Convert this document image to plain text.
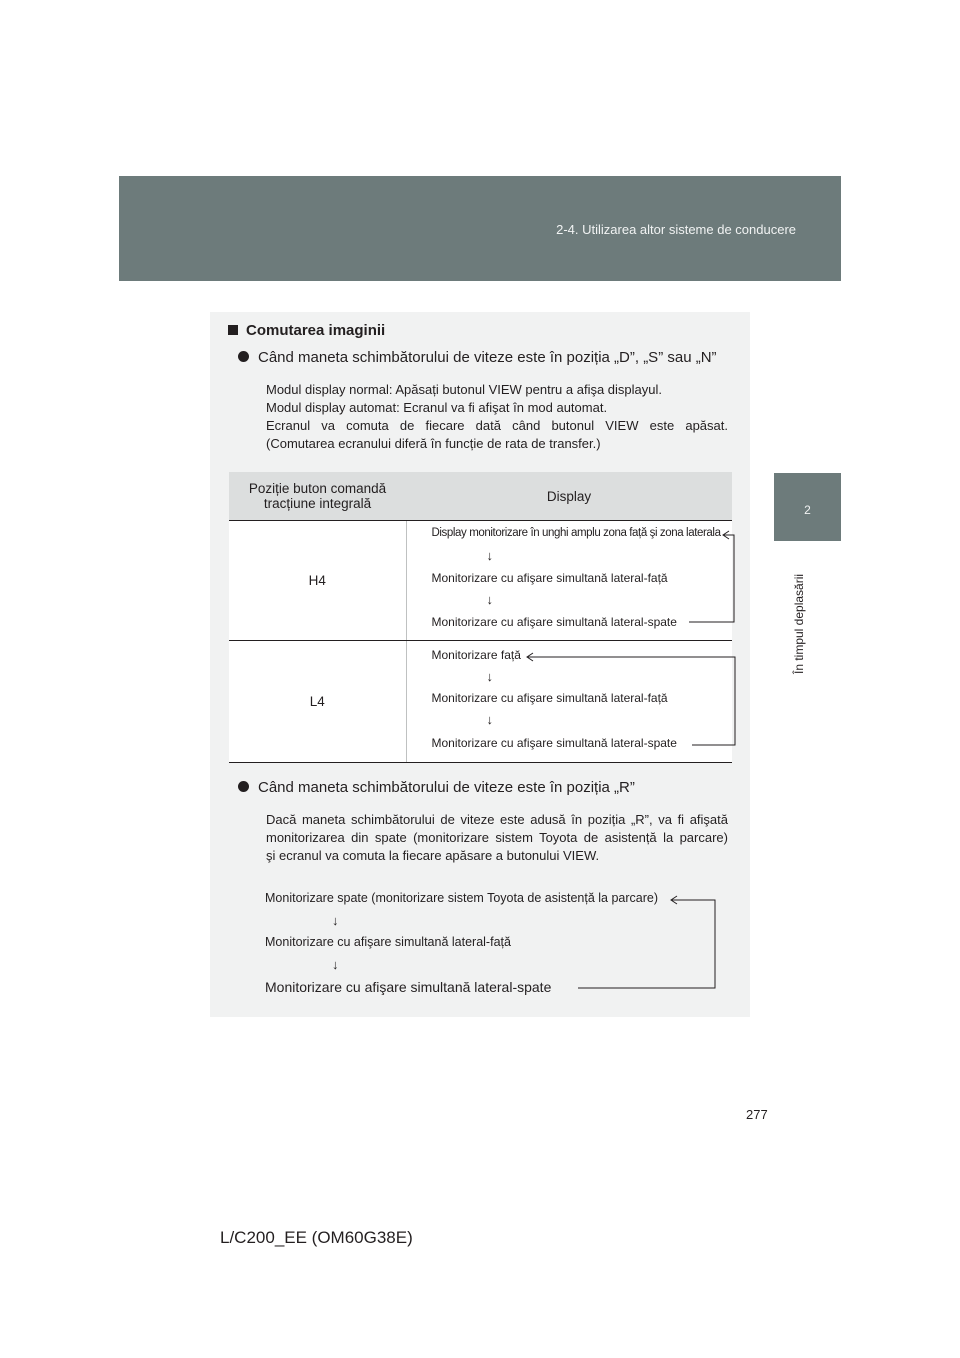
2-4. Utilizarea altor sisteme de conducere
2
În timpul deplasării
Comutarea imaginii
Când maneta schimbătorului de viteze este în poziția „D”, „S” sau „N”
Modul display normal: Apăsați butonul VIEW pentru a afişa displayul.
Modul display automat: Ecranul va fi afişat în mod automat.
Ecranul va comuta de fiecare dată când butonul VIEW este apăsat.
(Comutarea ecranului diferă în funcție de rata de transfer.)
Poziție buton comandă tracțiune integrală	Display
H4	Display monitorizare în unghi amplu zona față şi zona laterala
↓
Monitorizare cu afişare simultană lateral-față
↓
Monitorizare cu afişare simultană lateral-spate

L4	Monitorizare față
↓
Monitorizare cu afişare simultană lateral-față
↓
Monitorizare cu afişare simultană lateral-spate
Când maneta schimbătorului de viteze este în poziția „R”
Dacă maneta schimbătorului de viteze este adusă în poziția „R”, va fi afişată
monitorizarea din spate (monitorizare sistem Toyota de asistență la parcare)
şi ecranul va comuta la fiecare apăsare a butonului VIEW.
Monitorizare spate (monitorizare sistem Toyota de asistență la parcare)
↓
Monitorizare cu afişare simultană lateral-față
↓
Monitorizare cu afişare simultană lateral-spate
277
L/C200_EE (OM60G38E)
